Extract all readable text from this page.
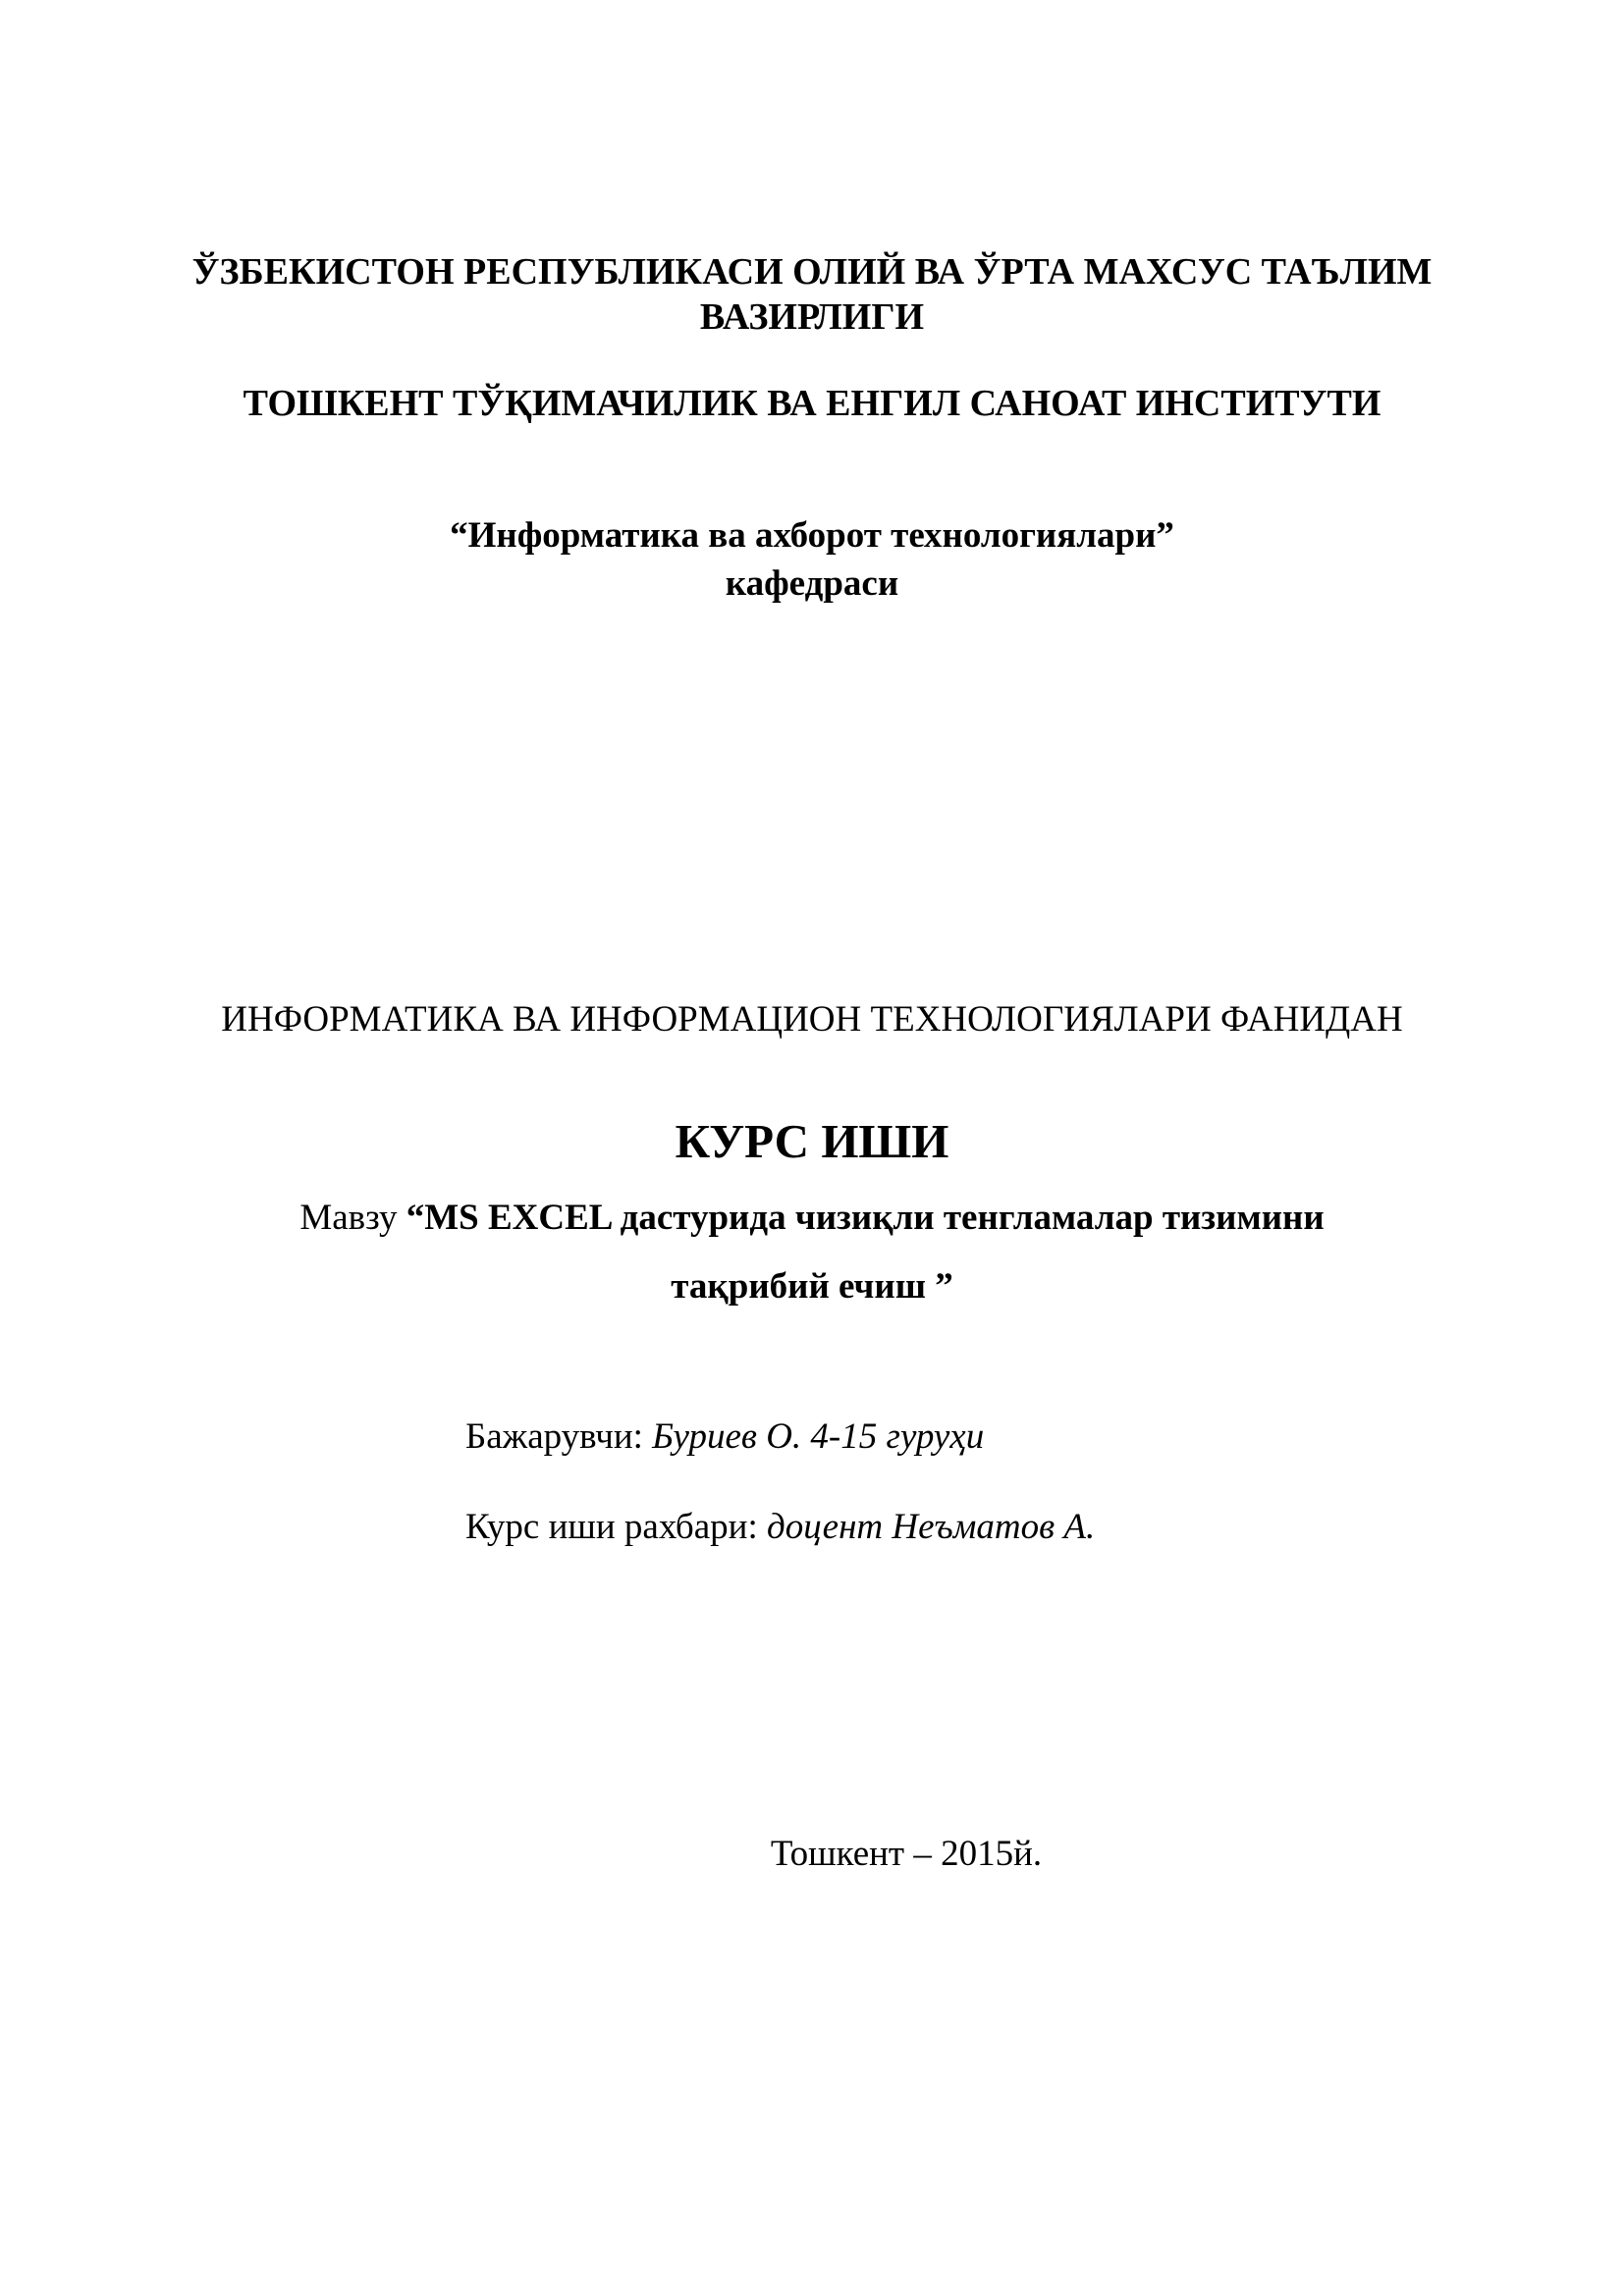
ЎЗБЕКИСТОН РЕСПУБЛИКАСИ ОЛИЙ ВА ЎРТА МАХСУС ТАЪЛИМ
ВАЗИРЛИГИ
ТОШКЕНТ ТЎҚИМАЧИЛИК ВА ЕНГИЛ САНОАТ ИНСТИТУТИ
“Информатика ва ахборот технологиялари”
кафедраси
ИНФОРМАТИКА ВА ИНФОРМАЦИОН ТЕХНОЛОГИЯЛАРИ ФАНИДАН
КУРС ИШИ
Мавзу “MS EXCEL дастурида чизиқли тенгламалар тизимини
тақрибий ечиш ”
Бажарувчи: Буриев О. 4-15 гуруҳи
Курс иши рахбари: доцент Неъматов А.
Тошкент – 2015й.
